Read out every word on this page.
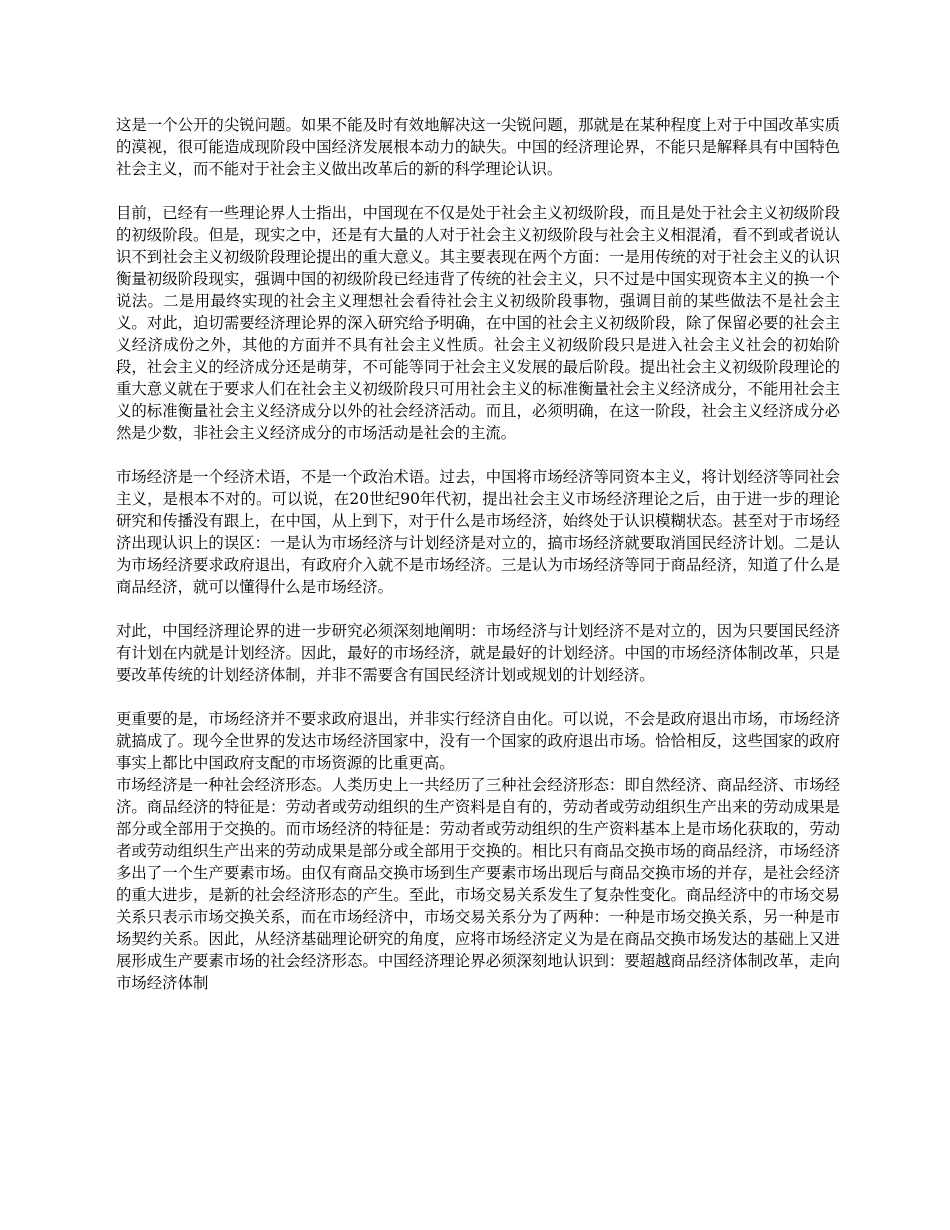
这是一个公开的尖锐问题。如果不能及时有效地解决这一尖锐问题，那就是在某种程度上对于中国改革实质的漠视，很可能造成现阶段中国经济发展根本动力的缺失。中国的经济理论界，不能只是解释具有中国特色社会主义，而不能对于社会主义做出改革后的新的科学理论认识。

目前，已经有一些理论界人士指出，中国现在不仅是处于社会主义初级阶段，而且是处于社会主义初级阶段的初级阶段。但是，现实之中，还是有大量的人对于社会主义初级阶段与社会主义相混淆，看不到或者说认识不到社会主义初级阶段理论提出的重大意义。其主要表现在两个方面：一是用传统的对于社会主义的认识衡量初级阶段现实，强调中国的初级阶段已经违背了传统的社会主义，只不过是中国实现资本主义的换一个说法。二是用最终实现的社会主义理想社会看待社会主义初级阶段事物，强调目前的某些做法不是社会主义。对此，迫切需要经济理论界的深入研究给予明确，在中国的社会主义初级阶段，除了保留必要的社会主义经济成份之外，其他的方面并不具有社会主义性质。社会主义初级阶段只是进入社会主义社会的初始阶段，社会主义的经济成分还是萌芽，不可能等同于社会主义发展的最后阶段。提出社会主义初级阶段理论的重大意义就在于要求人们在社会主义初级阶段只可用社会主义的标准衡量社会主义经济成分，不能用社会主义的标准衡量社会主义经济成分以外的社会经济活动。而且，必须明确，在这一阶段，社会主义经济成分必然是少数，非社会主义经济成分的市场活动是社会的主流。

市场经济是一个经济术语，不是一个政治术语。过去，中国将市场经济等同资本主义，将计划经济等同社会主义，是根本不对的。可以说，在20世纪90年代初，提出社会主义市场经济理论之后，由于进一步的理论研究和传播没有跟上，在中国，从上到下，对于什么是市场经济，始终处于认识模糊状态。甚至对于市场经济出现认识上的误区：一是认为市场经济与计划经济是对立的，搞市场经济就要取消国民经济计划。二是认为市场经济要求政府退出，有政府介入就不是市场经济。三是认为市场经济等同于商品经济，知道了什么是商品经济，就可以懂得什么是市场经济。

对此，中国经济理论界的进一步研究必须深刻地阐明：市场经济与计划经济不是对立的，因为只要国民经济有计划在内就是计划经济。因此，最好的市场经济，就是最好的计划经济。中国的市场经济体制改革，只是要改革传统的计划经济体制，并非不需要含有国民经济计划或规划的计划经济。

更重要的是，市场经济并不要求政府退出，并非实行经济自由化。可以说，不会是政府退出市场，市场经济就搞成了。现今全世界的发达市场经济国家中，没有一个国家的政府退出市场。恰恰相反，这些国家的政府事实上都比中国政府支配的市场资源的比重更高。

市场经济是一种社会经济形态。人类历史上一共经历了三种社会经济形态：即自然经济、商品经济、市场经济。商品经济的特征是：劳动者或劳动组织的生产资料是自有的，劳动者或劳动组织生产出来的劳动成果是部分或全部用于交换的。而市场经济的特征是：劳动者或劳动组织的生产资料基本上是市场化获取的，劳动者或劳动组织生产出来的劳动成果是部分或全部用于交换的。相比只有商品交换市场的商品经济，市场经济多出了一个生产要素市场。由仅有商品交换市场到生产要素市场出现后与商品交换市场的并存，是社会经济的重大进步，是新的社会经济形态的产生。至此，市场交易关系发生了复杂性变化。商品经济中的市场交易关系只表示市场交换关系，而在市场经济中，市场交易关系分为了两种：一种是市场交换关系，另一种是市场契约关系。因此，从经济基础理论研究的角度，应将市场经济定义为是在商品交换市场发达的基础上又进展形成生产要素市场的社会经济形态。中国经济理论界必须深刻地认识到：要超越商品经济体制改革，走向市场经济体制
